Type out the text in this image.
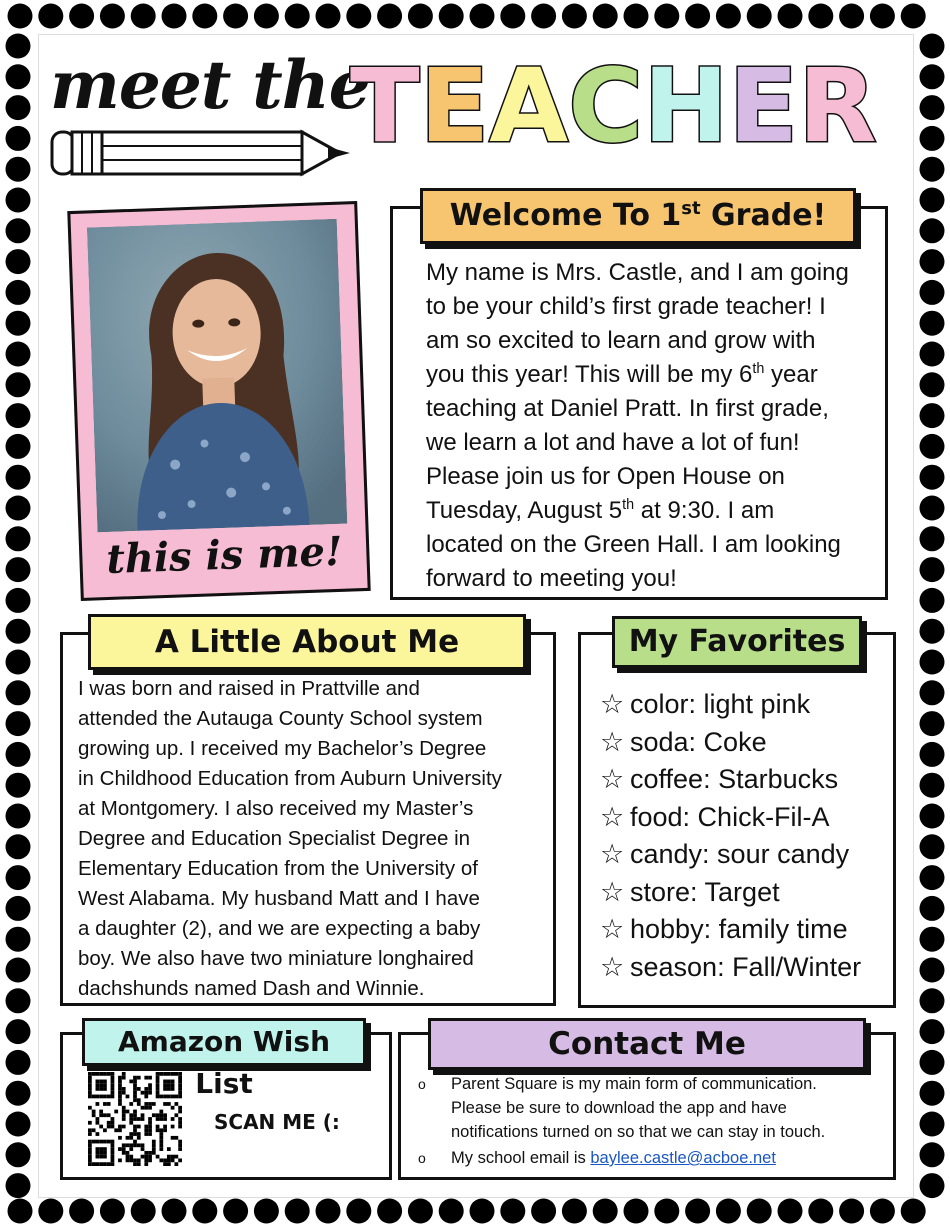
meet the
T E A C H E R
this is me!
Welcome To 1st Grade!
My name is Mrs. Castle, and I am going
to be your child’s first grade teacher! I
am so excited to learn and grow with
you this year! This will be my 6th year
teaching at Daniel Pratt. In first grade,
we learn a lot and have a lot of fun!
Please join us for Open House on
Tuesday, August 5th at 9:30. I am
located on the Green Hall. I am looking
forward to meeting you!
A Little About Me
I was born and raised in Prattville and
attended the Autauga County School system
growing up. I received my Bachelor’s Degree
in Childhood Education from Auburn University
at Montgomery. I also received my Master’s
Degree and Education Specialist Degree in
Elementary Education from the University of
West Alabama. My husband Matt and I have
a daughter (2), and we are expecting a baby
boy. We also have two miniature longhaired
dachshunds named Dash and Winnie.
My Favorites
☆ color: light pink
☆ soda: Coke
☆ coffee: Starbucks
☆ food: Chick-Fil-A
☆ candy: sour candy
☆ store: Target
☆ hobby: family time
☆ season: Fall/Winter
Amazon Wish List
SCAN ME (:
Contact Me
o Parent Square is my main form of communication.
Please be sure to download the app and have
notifications turned on so that we can stay in touch.
o My school email is baylee.castle@acboe.net
